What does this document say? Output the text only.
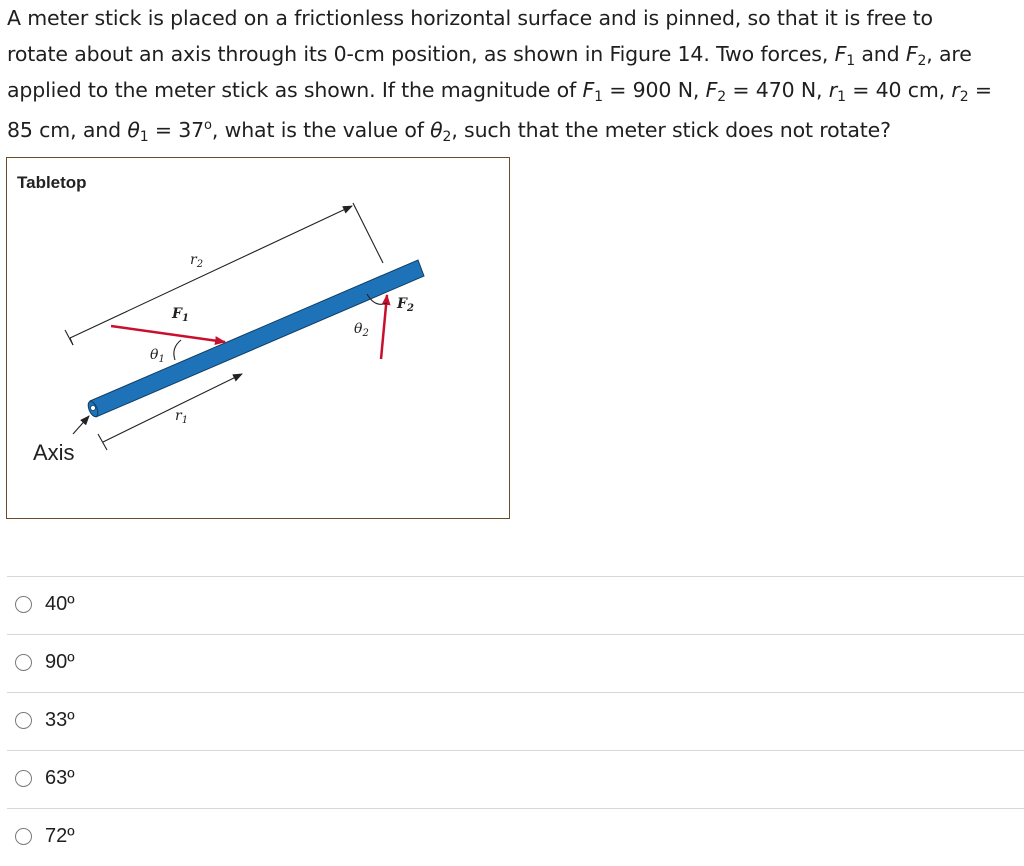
A meter stick is placed on a frictionless horizontal surface and is pinned, so that it is free to
rotate about an axis through its 0-cm position, as shown in Figure 14. Two forces, $F_1$ and $F_2$, are
applied to the meter stick as shown. If the magnitude of $F_1 = 900$ N, $F_2 = 470$ N, $r_1 = 40$ cm, $r_2$ =
85 cm, and $\theta_1 = 37^o$, what is the value of $\theta_2$, such that the meter stick does not rotate?
Tabletop
$r_2$
$F_1$
$\theta_1$
$F_2$
$\theta_2$
$r_1$
Axis
40º
90º
33º
63º
72º
